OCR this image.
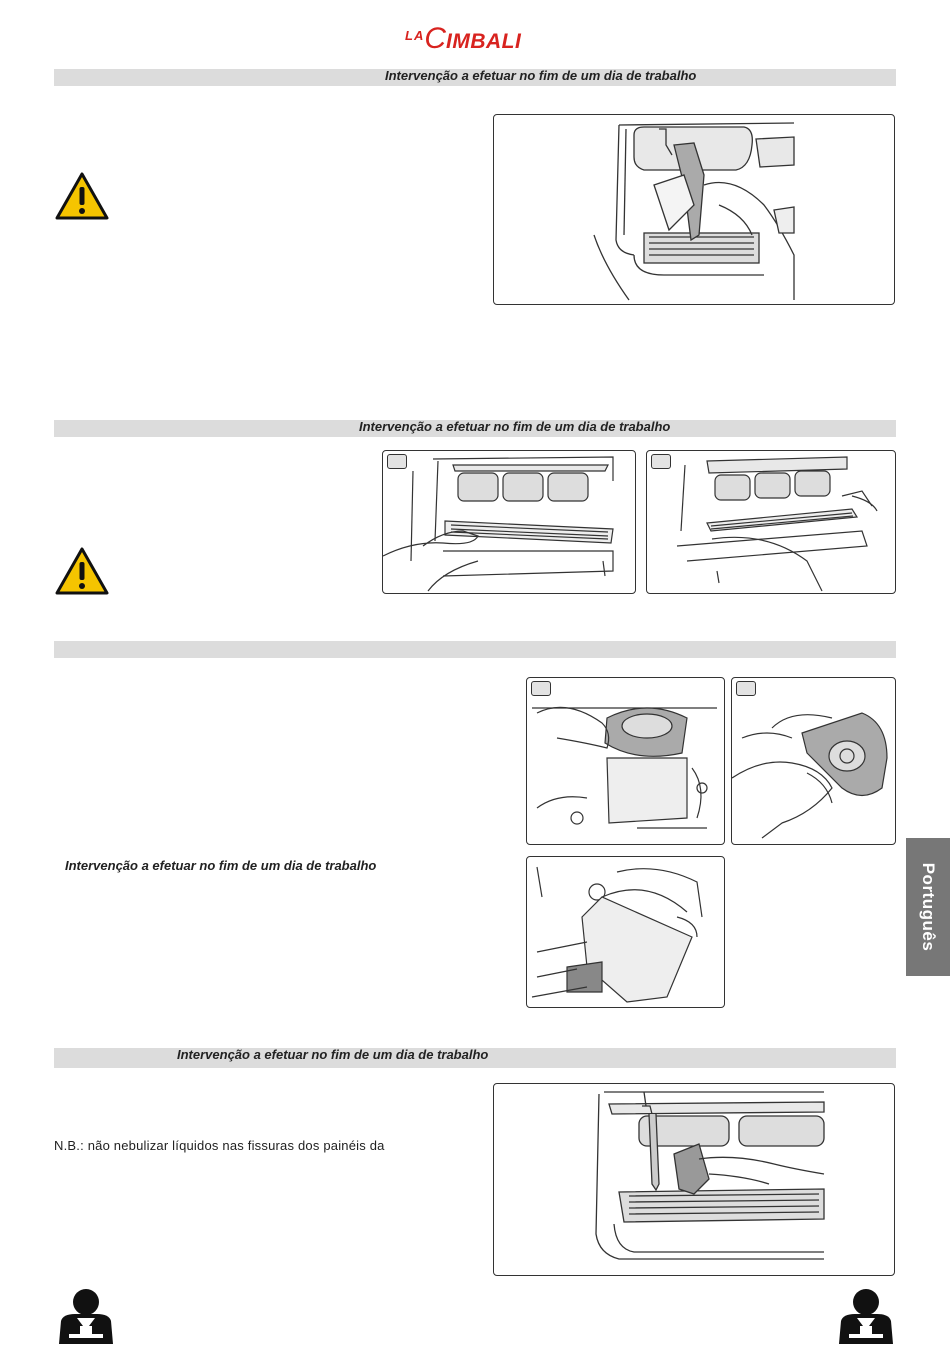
$^{LA}$CIMBALI
Intervenção a efetuar no fim de um dia de trabalho
Intervenção a efetuar no fim de um dia de trabalho
Intervenção a efetuar no fim de um dia de trabalho	Português
Intervenção a efetuar no fim de um dia de trabalho
N.B.: não nebulizar líquidos nas fissuras dos painéis da
